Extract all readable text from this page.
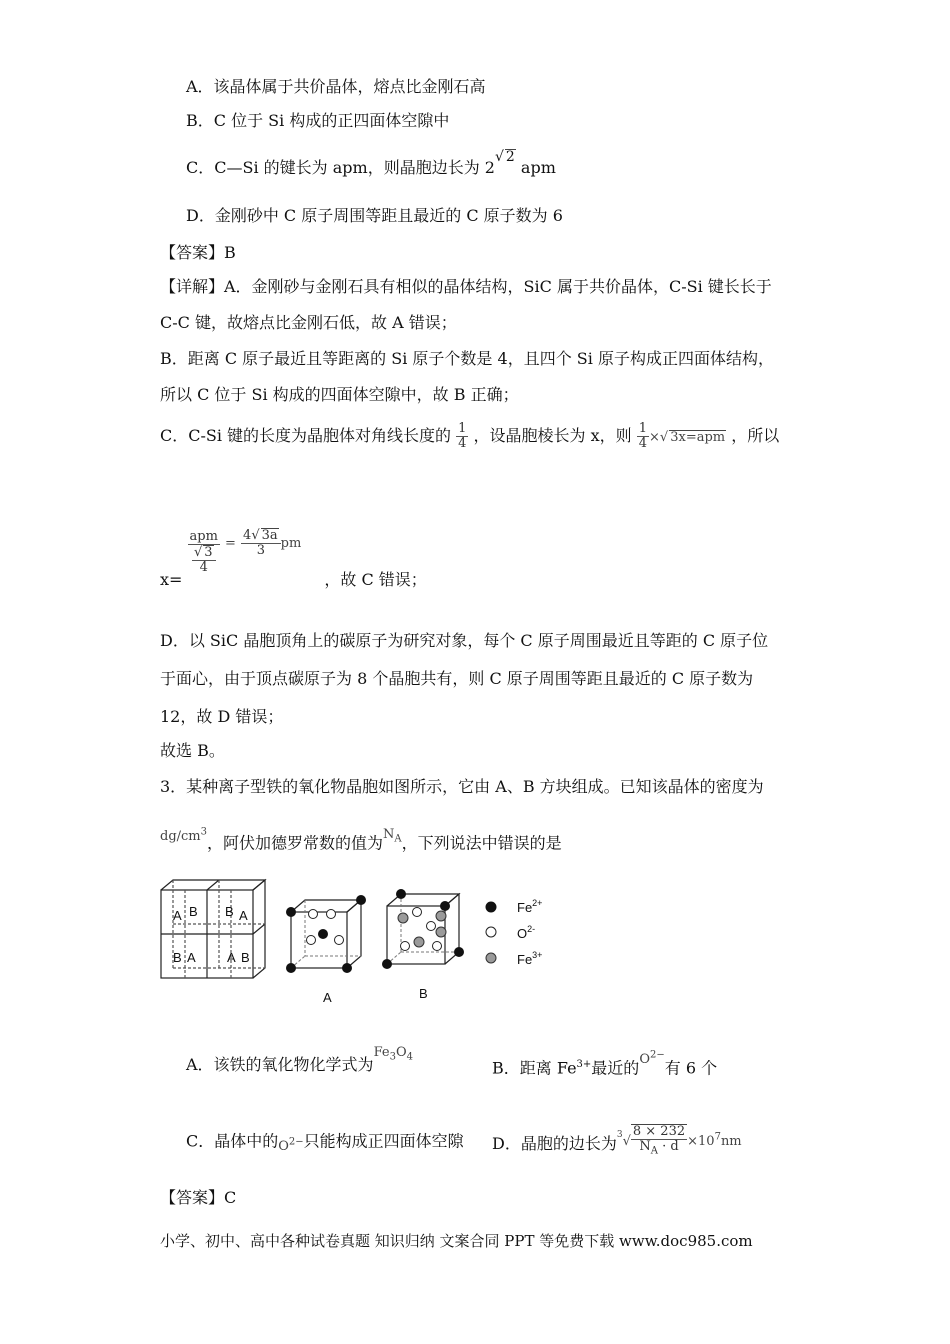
A．该晶体属于共价晶体，熔点比金刚石高
B．C 位于 Si 构成的正四面体空隙中
C．C—Si 的键长为 apm，则晶胞边长为 2√ 2 apm
D．金刚砂中 C 原子周围等距且最近的 C 原子数为 6
【答案】B
【详解】A．金刚砂与金刚石具有相似的晶体结构，SiC 属于共价晶体，C-Si 键长长于
C-C 键，故熔点比金刚石低，故 A 错误；
B．距离 C 原子最近且等距离的 Si 原子个数是 4，且四个 Si 原子构成正四面体结构，
所以 C 位于 Si 构成的四面体空隙中，故 B 正确；
C．C-Si 键的长度为晶胞体对角线长度的 $\frac{1}{4}$ ，设晶胞棱长为 x，则 $\frac{1}{4}$ ×√ 3x=apm ，所以
x=
$\frac{\text{apm}}{\frac{√ 3}{4}} = \frac{4√ 3a}{3}$ pm ，故 C 错误；
D．以 SiC 晶胞顶角上的碳原子为研究对象，每个 C 原子周围最近且等距的 C 原子位
于面心，由于顶点碳原子为 8 个晶胞共有，则 C 原子周围等距且最近的 C 原子数为
12，故 D 错误；
故选 B。
3．某种离子型铁的氧化物晶胞如图所示，它由 A、B 方块组成。已知该晶体的密度为
$^{dg/cm^3}$，阿伏加德罗常数的值为$^{N_A}$，下列说法中错误的是
A B B A
B A A B
A	B
$Fe^{2+}$
$O^{2-}$
$Fe^{3+}$
A．该铁的氧化物化学式为$^{Fe_3O_4}$
B．距离 $Fe^{3+}$最近的$^{O^{2-}}$有 6 个
C．晶体中的$_{O^{2-}}$只能构成正四面体空隙 D．晶胞的边长为$^{^3√ \frac{8 \times 232}{N_A \cdot d} \times 10^7nm}$
【答案】C
小学、初中、高中各种试卷真题 知识归纳 文案合同 PPT 等免费下载 www.doc985.com
